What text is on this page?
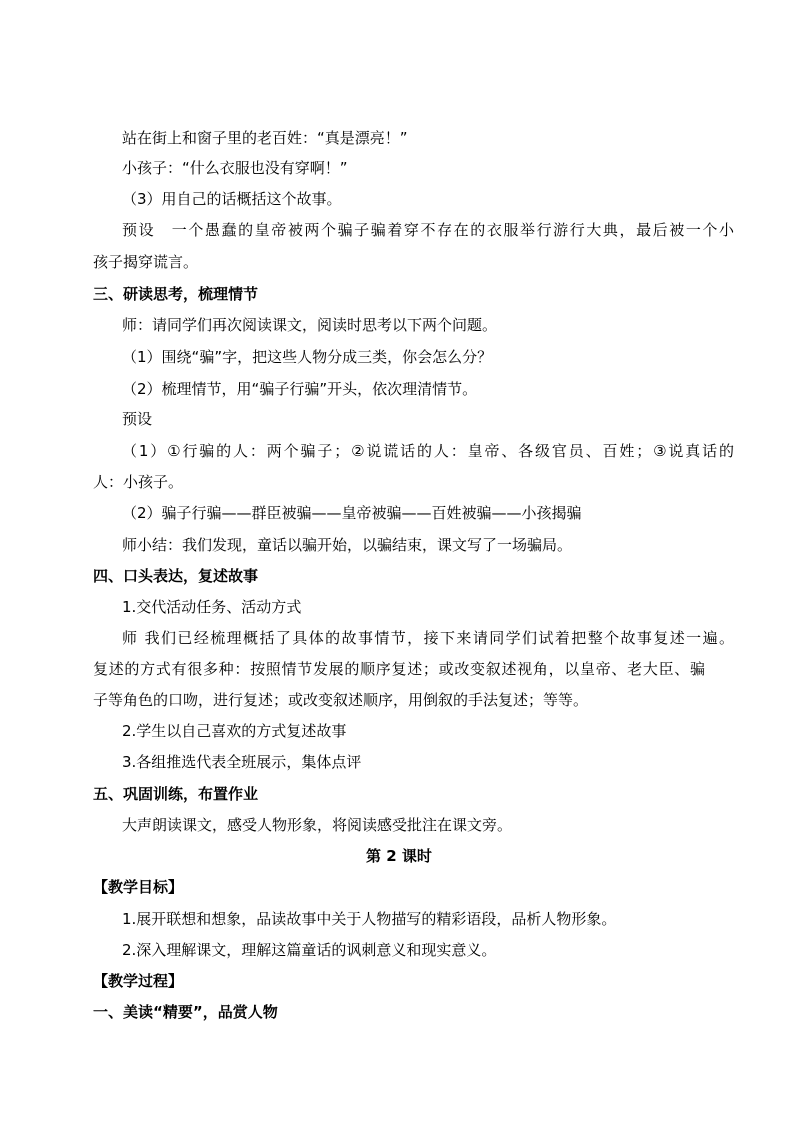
站在街上和窗子里的老百姓：“真是漂亮！”
小孩子：“什么衣服也没有穿啊！”
（3）用自己的话概括这个故事。
预设　一个愚蠢的皇帝被两个骗子骗着穿不存在的衣服举行游行大典，最后被一个小
孩子揭穿谎言。
三、研读思考，梳理情节
师：请同学们再次阅读课文，阅读时思考以下两个问题。
（1）围绕“骗”字，把这些人物分成三类，你会怎么分？
（2）梳理情节，用“骗子行骗”开头，依次理清情节。
预设
（1）①行骗的人：两个骗子；②说谎话的人：皇帝、各级官员、百姓；③说真话的
人：小孩子。
（2）骗子行骗——群臣被骗——皇帝被骗——百姓被骗——小孩揭骗
师小结：我们发现，童话以骗开始，以骗结束，课文写了一场骗局。
四、口头表达，复述故事
1.交代活动任务、活动方式
师 我们已经梳理概括了具体的故事情节，接下来请同学们试着把整个故事复述一遍。
复述的方式有很多种：按照情节发展的顺序复述；或改变叙述视角，以皇帝、老大臣、骗
子等角色的口吻，进行复述；或改变叙述顺序，用倒叙的手法复述；等等。
2.学生以自己喜欢的方式复述故事
3.各组推选代表全班展示，集体点评
五、巩固训练，布置作业
大声朗读课文，感受人物形象，将阅读感受批注在课文旁。
第 2 课时
【教学目标】
1.展开联想和想象，品读故事中关于人物描写的精彩语段，品析人物形象。
2.深入理解课文，理解这篇童话的讽刺意义和现实意义。
【教学过程】
一、美读“精要”，品赏人物
